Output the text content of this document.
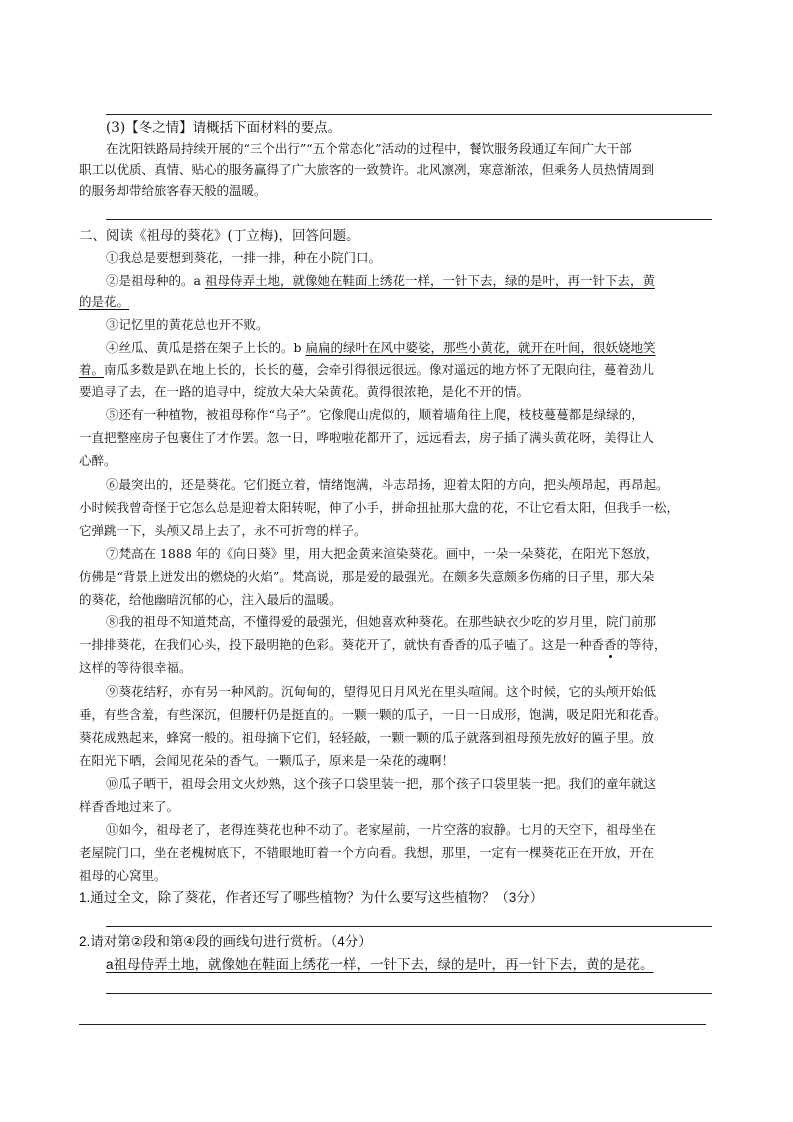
(3)【冬之情】请概括下面材料的要点。
在沈阳铁路局持续开展的“三个出行”“五个常态化”活动的过程中，餐饮服务段通辽车间广大干部
职工以优质、真情、贴心的服务赢得了广大旅客的一致赞许。北风凛冽，寒意渐浓，但乘务人员热情周到
的服务却带给旅客春天般的温暖。
二、阅读《祖母的葵花》(丁立梅)，回答问题。
①我总是要想到葵花，一排一排，种在小院门口。
②是祖母种的。a 祖母侍弄土地，就像她在鞋面上绣花一样，一针下去，绿的是叶，再一针下去，黄
的是花。
③记忆里的黄花总也开不败。
④丝瓜、黄瓜是搭在架子上长的。b 扁扁的绿叶在风中婆娑，那些小黄花，就开在叶间，很妖娆地笑
着。南瓜多数是趴在地上长的，长长的蔓，会牵引得很远很远。像对遥远的地方怀了无限向往，蔓着劲儿
要追寻了去，在一路的追寻中，绽放大朵大朵黄花。黄得很浓艳，是化不开的情。
⑤还有一种植物，被祖母称作“乌子”。它像爬山虎似的，顺着墙角往上爬，枝枝蔓蔓都是绿绿的，
一直把整座房子包裹住了才作罢。忽一日，哗啦啦花都开了，远远看去，房子插了满头黄花呀，美得让人
心醉。
⑥最突出的，还是葵花。它们挺立着，情绪饱满，斗志昂扬，迎着太阳的方向，把头颅昂起，再昂起。
小时候我曾奇怪于它怎么总是迎着太阳转呢，伸了小手，拼命扭扯那大盘的花，不让它看太阳，但我手一松，
它弹跳一下，头颅又昂上去了，永不可折弯的样子。
⑦梵高在 1888 年的《向日葵》里，用大把金黄来渲染葵花。画中，一朵一朵葵花，在阳光下怒放，
仿佛是“背景上迸发出的燃烧的火焰”。梵高说，那是爱的最强光。在颇多失意颇多伤痛的日子里，那大朵
的葵花，给他幽暗沉郁的心，注入最后的温暖。
⑧我的祖母不知道梵高，不懂得爱的最强光，但她喜欢种葵花。在那些缺衣少吃的岁月里，院门前那
一排排葵花，在我们心头，投下最明艳的色彩。葵花开了，就快有香香的瓜子嗑了。这是一种香香的等待，
这样的等待很幸福。
⑨葵花结籽，亦有另一种风韵。沉甸甸的，望得见日月风光在里头喧闹。这个时候，它的头颅开始低
垂，有些含羞，有些深沉，但腰杆仍是挺直的。一颗一颗的瓜子，一日一日成形，饱满，吸足阳光和花香。
葵花成熟起来，蜂窝一般的。祖母摘下它们，轻轻敲，一颗一颗的瓜子就落到祖母预先放好的匾子里。放
在阳光下晒，会闻见花朵的香气。一颗瓜子，原来是一朵花的魂啊！
⑩瓜子晒干，祖母会用文火炒熟，这个孩子口袋里装一把，那个孩子口袋里装一把。我们的童年就这
样香香地过来了。
⑪如今，祖母老了，老得连葵花也种不动了。老家屋前，一片空落的寂静。七月的天空下，祖母坐在
老屋院门口，坐在老槐树底下，不错眼地盯着一个方向看。我想，那里，一定有一棵葵花正在开放，开在
祖母的心窝里。
1.通过全文，除了葵花，作者还写了哪些植物？为什么要写这些植物？（3分）
2.请对第②段和第④段的画线句进行赏析。（4分）
a祖母侍弄土地，就像她在鞋面上绣花一样，一针下去，绿的是叶，再一针下去，黄的是花。
